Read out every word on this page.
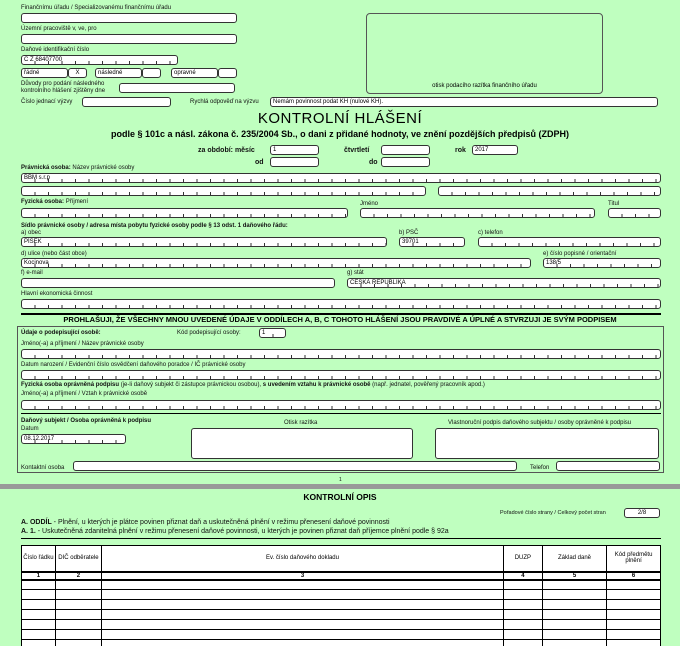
Finančnímu úřadu / Specializovanému finančnímu úřadu
Územní pracoviště v, ve, pro
Daňové identifikační číslo
C Z 68407700
řádné	X	následné	opravné
Důvody pro podání následného
kontrolního hlášení zjištěny dne
Číslo jednací výzvy	Rychlá odpověď na výzvu	Nemám povinnost podat KH (nulové KH).
otisk podacího razítka finančního úřadu
KONTROLNÍ HLÁŠENÍ
podle § 101c a násl. zákona č. 235/2004 Sb., o dani z přidané hodnoty, ve znění pozdějších předpisů (ZDPH)
za období: měsíc	1	čtvrtletí	rok	2017
od	do
Právnická osoba: Název právnické osoby
BBM s.r.p
Fyzická osoba: Příjmení	Jméno	Titul
Sídlo právnické osoby / adresa místa pobytu fyzické osoby podle § 13 odst. 1 daňového řádu:
a) obec
PÍSEK
b) PSČ
39701
c) telefon
d) ulice (nebo část obce)
Kocinova
e) číslo popisné / orientační
138/5
f) e-mail	g) stát
ČESKÁ REPUBLIKA
Hlavní ekonomická činnost
PROHLAŠUJI, ŽE VŠECHNY MNOU UVEDENÉ ÚDAJE V ODDÍLECH A, B, C TOHOTO HLÁŠENÍ JSOU PRAVDIVÉ A ÚPLNÉ A STVRZUJI JE SVÝM PODPISEM
Údaje o podepisující osobě:	Kód podepisující osoby:	1
Jméno(-a) a příjmení / Název právnické osoby
Datum narození / Evidenční číslo osvědčení daňového poradce / IČ právnické osoby
Fyzická osoba oprávněná podpisu (je-li daňový subjekt či zástupce právnickou osobou), s uvedením vztahu k právnické osobě (např. jednatel, pověřený pracovník apod.)
Jméno(-a) a příjmení / Vztah k právnické osobě
Daňový subjekt / Osoba oprávněná k podpisu
Datum
08.12.2017
Otisk razítka	Vlastnoruční podpis daňového subjektu / osoby oprávněné k podpisu
Kontaktní osoba	Telefon
1
KONTROLNÍ OPIS
Pořadové číslo strany / Celkový počet stran	2/8
A. ODDÍL - Plnění, u kterých je plátce povinen přiznat daň a uskutečněná plnění v režimu přenesení daňové povinnosti
A. 1. - Uskutečněná zdanitelná plnění v režimu přenesení daňové povinnosti, u kterých je povinen přiznat daň příjemce plnění podle § 92a
Číslo řádku	DIČ odběratele	Ev. číslo daňového dokladu	DUZP	Základ daně	Kód předmětu plnění
1	2	3	4	5	6
